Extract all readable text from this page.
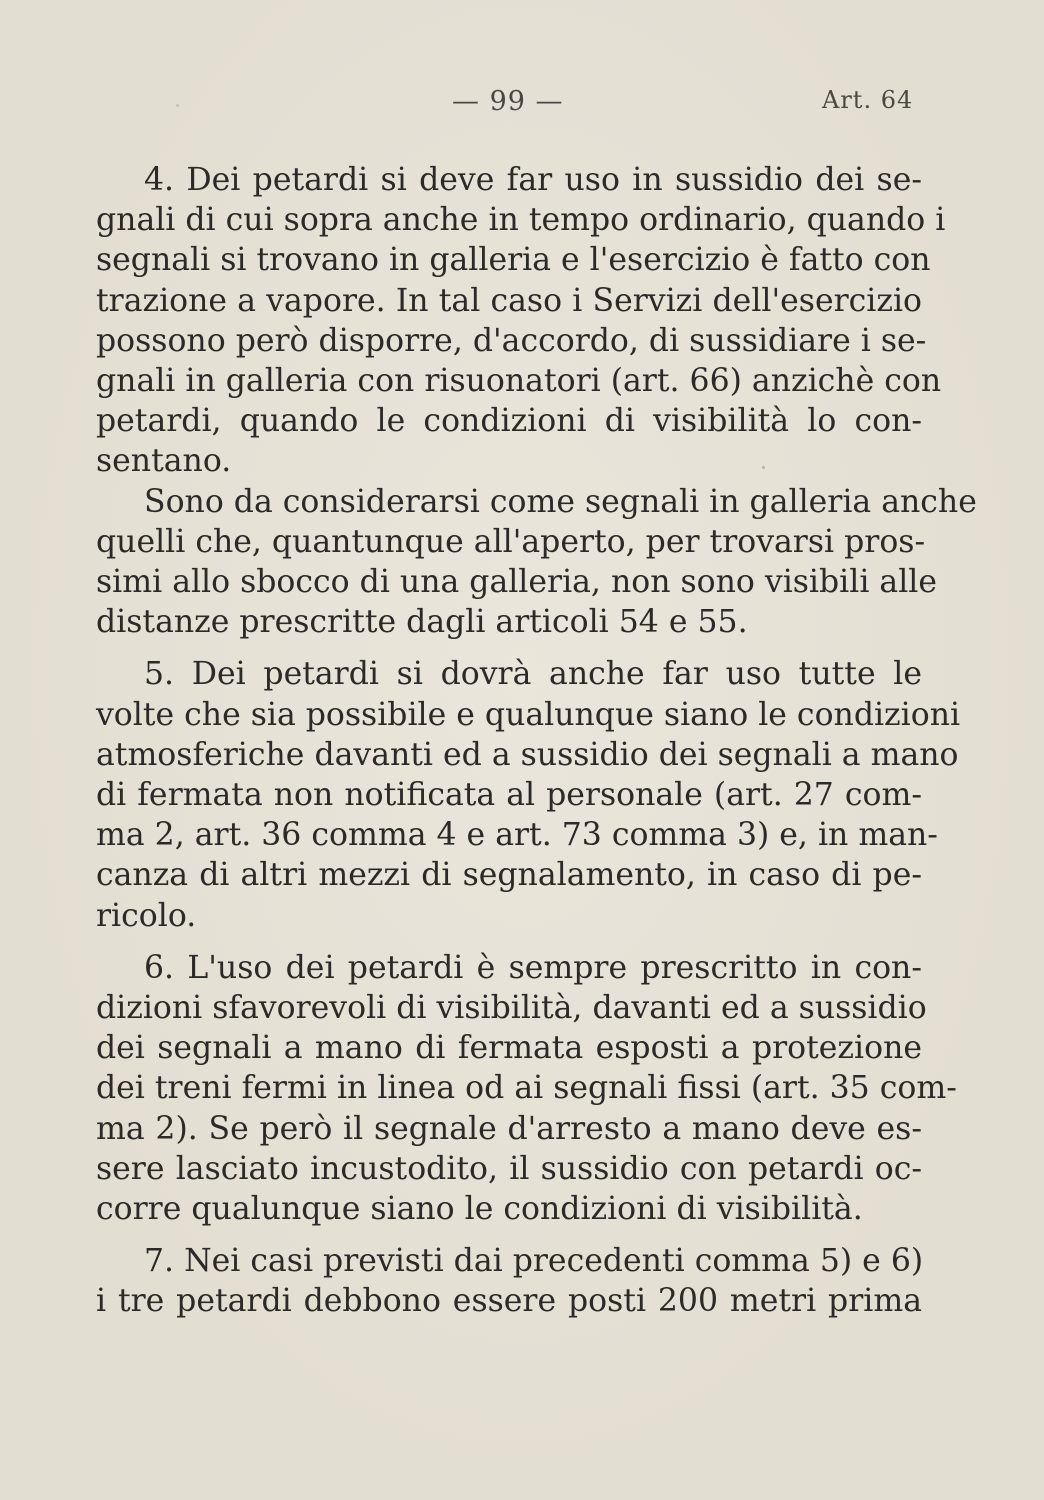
— 99 —	Art. 64

4. Dei petardi si deve far uso in sussidio dei se-
gnali di cui sopra anche in tempo ordinario, quando i
segnali si trovano in galleria e l'esercizio è fatto con
trazione a vapore. In tal caso i Servizi dell'esercizio
possono però disporre, d'accordo, di sussidiare i se-
gnali in galleria con risuonatori (art. 66) anzichè con
petardi, quando le condizioni di visibilità lo con-
sentano.

Sono da considerarsi come segnali in galleria anche
quelli che, quantunque all'aperto, per trovarsi pros-
simi allo sbocco di una galleria, non sono visibili alle
distanze prescritte dagli articoli 54 e 55.

5. Dei petardi si dovrà anche far uso tutte le
volte che sia possibile e qualunque siano le condizioni
atmosferiche davanti ed a sussidio dei segnali a mano
di fermata non notificata al personale (art. 27 com-
ma 2, art. 36 comma 4 e art. 73 comma 3) e, in man-
canza di altri mezzi di segnalamento, in caso di pe-
ricolo.

6. L'uso dei petardi è sempre prescritto in con-
dizioni sfavorevoli di visibilità, davanti ed a sussidio
dei segnali a mano di fermata esposti a protezione
dei treni fermi in linea od ai segnali fissi (art. 35 com-
ma 2). Se però il segnale d'arresto a mano deve es-
sere lasciato incustodito, il sussidio con petardi oc-
corre qualunque siano le condizioni di visibilità.

7. Nei casi previsti dai precedenti comma 5) e 6)
i tre petardi debbono essere posti 200 metri prima
